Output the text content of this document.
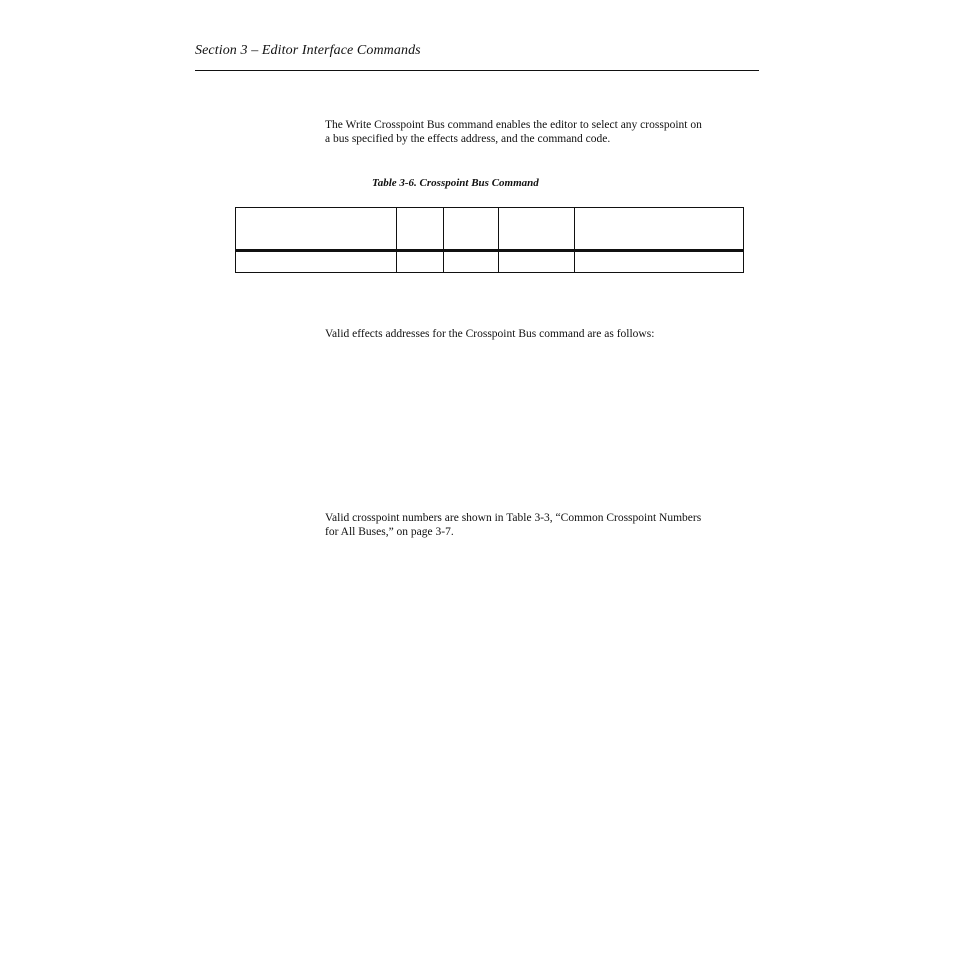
Section 3 – Editor Interface Commands
The Write Crosspoint Bus command enables the editor to select any crosspoint on
a bus specified by the effects address, and the command code.
Table 3-6. Crosspoint Bus Command

Valid effects addresses for the Crosspoint Bus command are as follows:
Valid crosspoint numbers are shown in Table 3-3, “Common Crosspoint Numbers
for All Buses,” on page 3-7.
